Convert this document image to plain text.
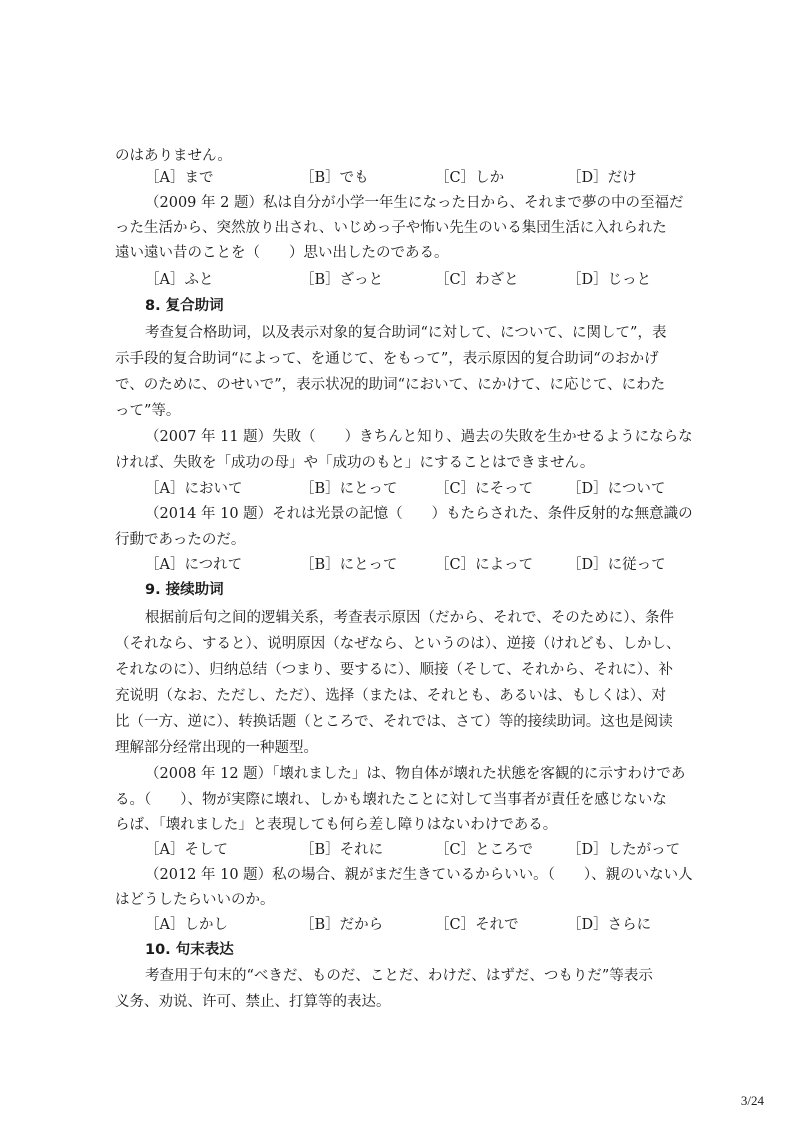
のはありません。
［A］まで	［B］でも	［C］しか	［D］だけ
（2009 年 2 题）私は自分が小学一年生になった日から、それまで夢の中の至福だ
った生活から、突然放り出され、いじめっ子や怖い先生のいる集団生活に入れられた
遠い遠い昔のことを（　　）思い出したのである。
［A］ふと	［B］ざっと	［C］わざと	［D］じっと
8. 复合助词
考查复合格助词，以及表示对象的复合助词“に対して、について、に関して”，表
示手段的复合助词“によって、を通じて、をもって”，表示原因的复合助词“のおかげ
で、のために、のせいで”，表示状况的助词“において、にかけて、に応じて、にわた
って”等。
（2007 年 11 题）失敗（　　）きちんと知り、過去の失敗を生かせるようにならな
ければ、失敗を「成功の母」や「成功のもと」にすることはできません。
［A］において	［B］にとって	［C］にそって ［D］について
（2014 年 10 题）それは光景の記憶（　　）もたらされた、条件反射的な無意識の
行動であったのだ。
［A］につれて	［B］にとって	［C］によって ［D］に従って
9. 接续助词
根据前后句之间的逻辑关系，考查表示原因（だから、それで、そのために）、条件
（それなら、すると）、说明原因（なぜなら、というのは）、逆接（けれども、しかし、
それなのに）、归纳总结（つまり、要するに）、顺接（そして、それから、それに）、补
充说明（なお、ただし、ただ）、选择（または、それとも、あるいは、もしくは）、对
比（一方、逆に）、转换话题（ところで、それでは、さて）等的接续助词。这也是阅读
理解部分经常出现的一种题型。
（2008 年 12 题）「壊れました」は、物自体が壊れた状態を客観的に示すわけであ
る。（　　）、物が実際に壊れ、しかも壊れたことに対して当事者が責任を感じないな
らば、「壊れました」と表現しても何ら差し障りはないわけである。
［A］そして	［B］それに	［C］ところで ［D］したがって
（2012 年 10 题）私の場合、親がまだ生きているからいい。（　　）、親のいない人
はどうしたらいいのか。
［A］しかし	［B］だから	［C］それで	［D］さらに
10. 句末表达
考查用于句末的“べきだ、ものだ、ことだ、わけだ、はずだ、つもりだ”等表示
义务、劝说、许可、禁止、打算等的表达。
3/24
